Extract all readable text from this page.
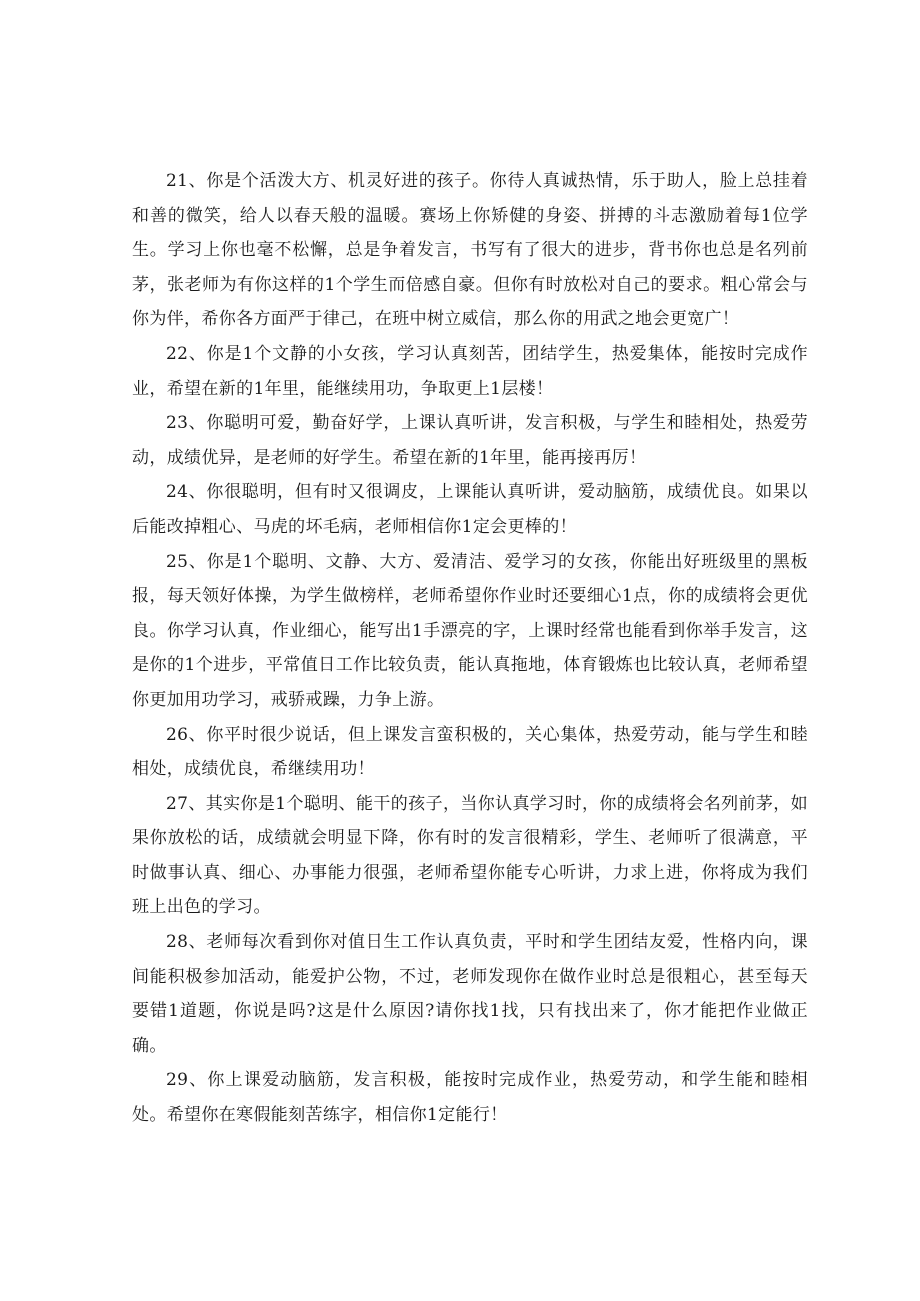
21、你是个活泼大方、机灵好进的孩子。你待人真诚热情，乐于助人，脸上总挂着和善的微笑，给人以春天般的温暖。赛场上你矫健的身姿、拼搏的斗志激励着每1位学生。学习上你也毫不松懈，总是争着发言，书写有了很大的进步，背书你也总是名列前茅，张老师为有你这样的1个学生而倍感自豪。但你有时放松对自己的要求。粗心常会与你为伴，希你各方面严于律己，在班中树立威信，那么你的用武之地会更宽广！

22、你是1个文静的小女孩，学习认真刻苦，团结学生，热爱集体，能按时完成作业，希望在新的1年里，能继续用功，争取更上1层楼！

23、你聪明可爱，勤奋好学，上课认真听讲，发言积极，与学生和睦相处，热爱劳动，成绩优异，是老师的好学生。希望在新的1年里，能再接再厉！

24、你很聪明，但有时又很调皮，上课能认真听讲，爱动脑筋，成绩优良。如果以后能改掉粗心、马虎的坏毛病，老师相信你1定会更棒的！

25、你是1个聪明、文静、大方、爱清洁、爱学习的女孩，你能出好班级里的黑板报，每天领好体操，为学生做榜样，老师希望你作业时还要细心1点，你的成绩将会更优良。你学习认真，作业细心，能写出1手漂亮的字，上课时经常也能看到你举手发言，这是你的1个进步，平常值日工作比较负责，能认真拖地，体育锻炼也比较认真，老师希望你更加用功学习，戒骄戒躁，力争上游。

26、你平时很少说话，但上课发言蛮积极的，关心集体，热爱劳动，能与学生和睦相处，成绩优良，希继续用功！

27、其实你是1个聪明、能干的孩子，当你认真学习时，你的成绩将会名列前茅，如果你放松的话，成绩就会明显下降，你有时的发言很精彩，学生、老师听了很满意，平时做事认真、细心、办事能力很强，老师希望你能专心听讲，力求上进，你将成为我们班上出色的学习。

28、老师每次看到你对值日生工作认真负责，平时和学生团结友爱，性格内向，课间能积极参加活动，能爱护公物，不过，老师发现你在做作业时总是很粗心，甚至每天要错1道题，你说是吗?这是什么原因?请你找1找，只有找出来了，你才能把作业做正确。

29、你上课爱动脑筋，发言积极，能按时完成作业，热爱劳动，和学生能和睦相处。希望你在寒假能刻苦练字，相信你1定能行！
